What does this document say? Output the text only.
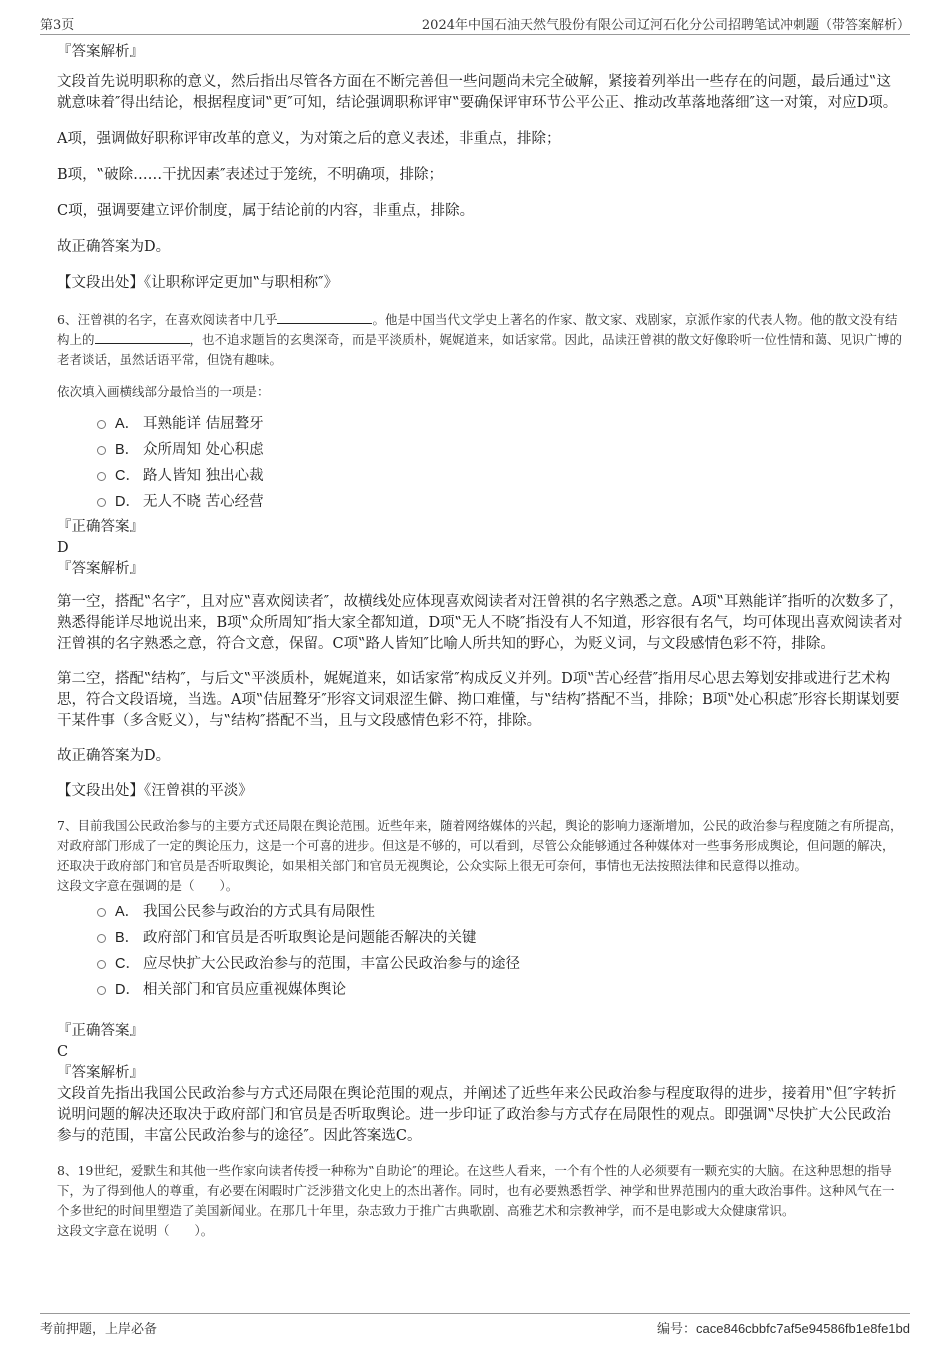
第3页	2024年中国石油天然气股份有限公司辽河石化分公司招聘笔试冲刺题（带答案解析）

『答案解析』

文段首先说明职称的意义，然后指出尽管各方面在不断完善但一些问题尚未完全破解，紧接着列举出一些存在的问题，最后通过‟这就意味着″得出结论，根据程度词‟更″可知，结论强调职称评审‟要确保评审环节公平公正、推动改革落地落细″这一对策，对应D项。

A项，强调做好职称评审改革的意义，为对策之后的意义表述，非重点，排除；

B项，‟破除……干扰因素″表述过于笼统，不明确项，排除；

C项，强调要建立评价制度，属于结论前的内容，非重点，排除。

故正确答案为D。

【文段出处】《让职称评定更加‟与职相称″》

6、汪曾祺的名字，在喜欢阅读者中几乎	。他是中国当代文学史上著名的作家、散文家、戏剧家，京派作家的代表人物。他的散文没有结构上的	，也不追求题旨的玄奥深奇，而是平淡质朴，娓娓道来，如话家常。因此，品读汪曾祺的散文好像聆听一位性情和蔼、见识广博的老者谈话，虽然话语平常，但饶有趣味。

依次填入画横线部分最恰当的一项是：

A． 耳熟能详 佶屈聱牙
B． 众所周知 处心积虑
C． 路人皆知 独出心裁
D． 无人不晓 苦心经营

『正确答案』

D

『答案解析』

第一空，搭配‟名字″，且对应‟喜欢阅读者″，故横线处应体现喜欢阅读者对汪曾祺的名字熟悉之意。A项‟耳熟能详″指听的次数多了，熟悉得能详尽地说出来，B项‟众所周知″指大家全都知道，D项‟无人不晓″指没有人不知道，形容很有名气，均可体现出喜欢阅读者对汪曾祺的名字熟悉之意，符合文意，保留。C项‟路人皆知″比喻人所共知的野心，为贬义词，与文段感情色彩不符，排除。

第二空，搭配‟结构″，与后文‟平淡质朴，娓娓道来，如话家常″构成反义并列。D项‟苦心经营″指用尽心思去筹划安排或进行艺术构思，符合文段语境，当选。A项‟佶屈聱牙″形容文词艰涩生僻、拗口难懂，与‟结构″搭配不当，排除；B项‟处心积虑″形容长期谋划要干某件事（多含贬义），与‟结构″搭配不当，且与文段感情色彩不符，排除。

故正确答案为D。

【文段出处】《汪曾祺的平淡》

7、目前我国公民政治参与的主要方式还局限在舆论范围。近些年来，随着网络媒体的兴起，舆论的影响力逐渐增加，公民的政治参与程度随之有所提高，对政府部门形成了一定的舆论压力，这是一个可喜的进步。但这是不够的，可以看到，尽管公众能够通过各种媒体对一些事务形成舆论，但问题的解决，还取决于政府部门和官员是否听取舆论，如果相关部门和官员无视舆论，公众实际上很无可奈何，事情也无法按照法律和民意得以推动。

这段文字意在强调的是（　　）。

A． 我国公民参与政治的方式具有局限性
B． 政府部门和官员是否听取舆论是问题能否解决的关键
C． 应尽快扩大公民政治参与的范围，丰富公民政治参与的途径
D． 相关部门和官员应重视媒体舆论

『正确答案』

C

『答案解析』

文段首先指出我国公民政治参与方式还局限在舆论范围的观点，并阐述了近些年来公民政治参与程度取得的进步，接着用‟但″字转折说明问题的解决还取决于政府部门和官员是否听取舆论。进一步印证了政治参与方式存在局限性的观点。即强调‟尽快扩大公民政治参与的范围，丰富公民政治参与的途径″。因此答案选C。

8、19世纪，爱默生和其他一些作家向读者传授一种称为‟自助论″的理论。在这些人看来，一个有个性的人必须要有一颗充实的大脑。在这种思想的指导下，为了得到他人的尊重，有必要在闲暇时广泛涉猎文化史上的杰出著作。同时，也有必要熟悉哲学、神学和世界范围内的重大政治事件。这种风气在一个多世纪的时间里塑造了美国新闻业。在那几十年里，杂志致力于推广古典歌剧、高雅艺术和宗教神学，而不是电影或大众健康常识。

这段文字意在说明（　　）。

考前押题，上岸必备	编号：cace846cbbfc7af5e94586fb1e8fe1bd
